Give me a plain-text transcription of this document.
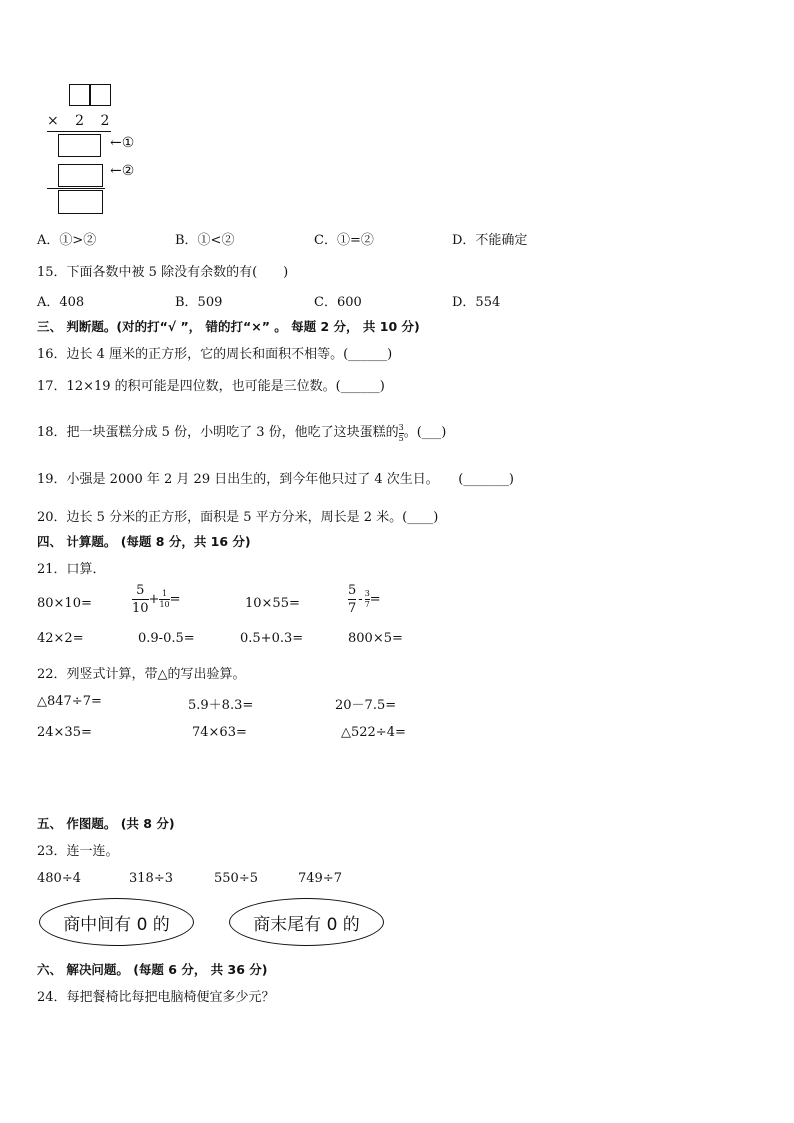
× 2 2
←①
←②
A．①>②	B．①<②	C．①=②	D．不能确定
15．下面各数中被 5 除没有余数的有(　　)
A．408	B．509	C．600	D．554
三、 判断题。(对的打“√ ”， 错的打“×” 。 每题 2 分， 共 10 分)
16．边长 4 厘米的正方形，它的周长和面积不相等。(______)
17．12×19 的积可能是四位数，也可能是三位数。(______)
18．把一块蛋糕分成 5 份，小明吃了 3 份，他吃了这块蛋糕的 $\frac{3}{5}$ 。(___)
19．小强是 2000 年 2 月 29 日出生的，到今年他只过了 4 次生日。　　(_______)
20．边长 5 分米的正方形，面积是 5 平方分米，周长是 2 米。(____)
四、 计算题。 (每题 8 分，共 16 分)
21．口算．
80×10=	$\frac{5}{10} + \frac{1}{10}$ =	10×55=	$\frac{5}{7} - \frac{3}{7}$ =
42×2=	0.9-0.5=	0.5+0.3=	800×5=
22．列竖式计算，带△的写出验算。
△847÷7=	5.9＋8.3=	20－7.5=
24×35=	74×63=	△522÷4=
五、 作图题。 (共 8 分)
23．连一连。
480÷4	318÷3	550÷5	749÷7
商中间有 0 的	商末尾有 0 的
六、 解决问题。 (每题 6 分， 共 36 分)
24．每把餐椅比每把电脑椅便宜多少元？
